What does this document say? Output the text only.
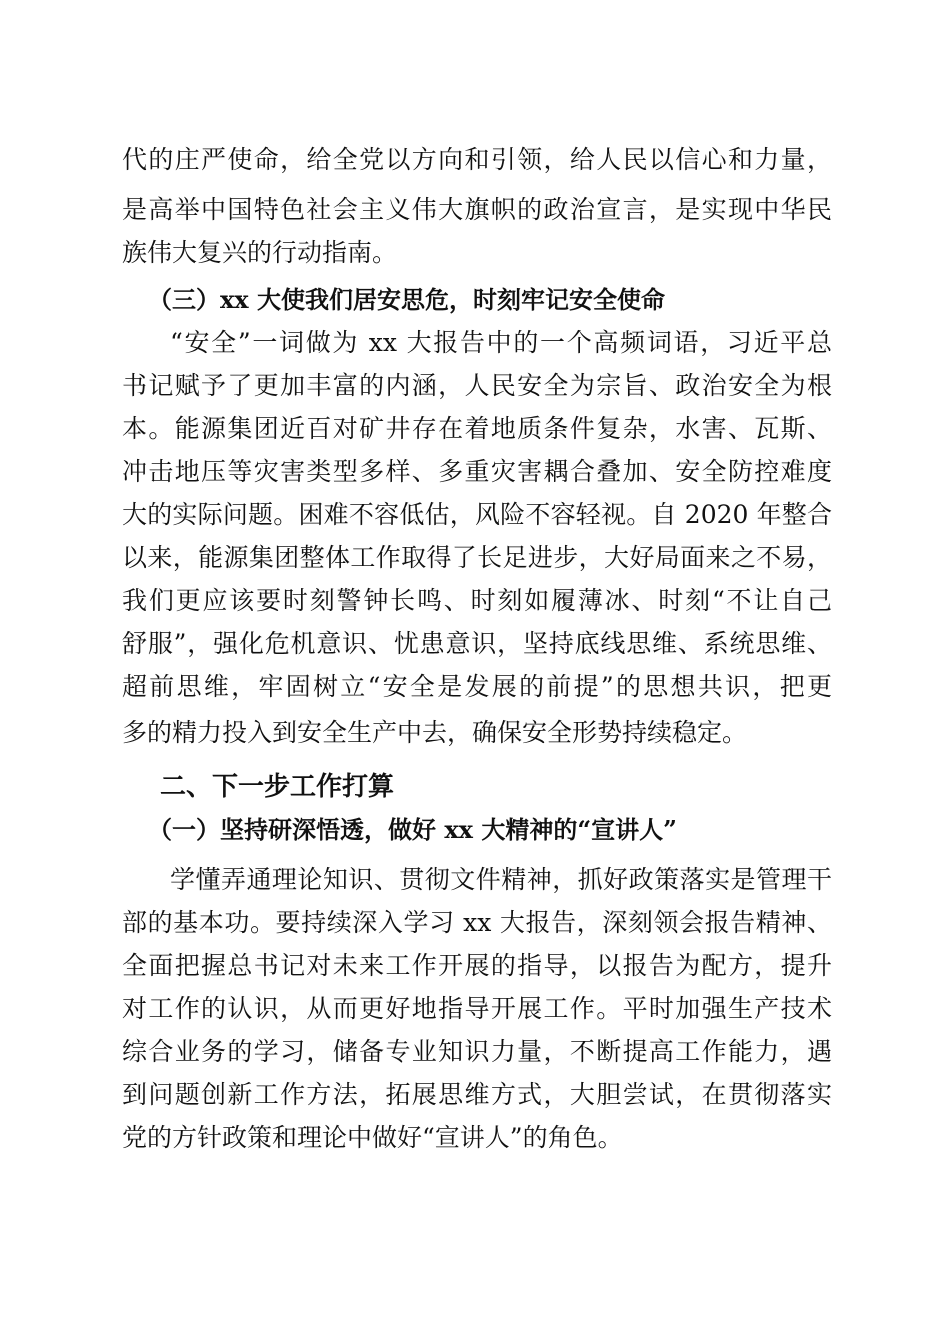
代的庄严使命，给全党以方向和引领，给人民以信心和力量，
是高举中国特色社会主义伟大旗帜的政治宣言，是实现中华民
族伟大复兴的行动指南。
（三）xx 大使我们居安思危，时刻牢记安全使命
“安全”一词做为 xx 大报告中的一个高频词语，习近平总
书记赋予了更加丰富的内涵，人民安全为宗旨、政治安全为根
本。能源集团近百对矿井存在着地质条件复杂，水害、瓦斯、
冲击地压等灾害类型多样、多重灾害耦合叠加、安全防控难度
大的实际问题。困难不容低估，风险不容轻视。自 2020 年整合
以来，能源集团整体工作取得了长足进步，大好局面来之不易，
我们更应该要时刻警钟长鸣、时刻如履薄冰、时刻“不让自己
舒服”，强化危机意识、忧患意识，坚持底线思维、系统思维、
超前思维，牢固树立“安全是发展的前提”的思想共识，把更
多的精力投入到安全生产中去，确保安全形势持续稳定。
二、下一步工作打算
（一）坚持研深悟透，做好 xx 大精神的“宣讲人”
学懂弄通理论知识、贯彻文件精神，抓好政策落实是管理干
部的基本功。要持续深入学习 xx 大报告，深刻领会报告精神、
全面把握总书记对未来工作开展的指导，以报告为配方，提升
对工作的认识，从而更好地指导开展工作。平时加强生产技术
综合业务的学习，储备专业知识力量，不断提高工作能力，遇
到问题创新工作方法，拓展思维方式，大胆尝试，在贯彻落实
党的方针政策和理论中做好“宣讲人”的角色。
